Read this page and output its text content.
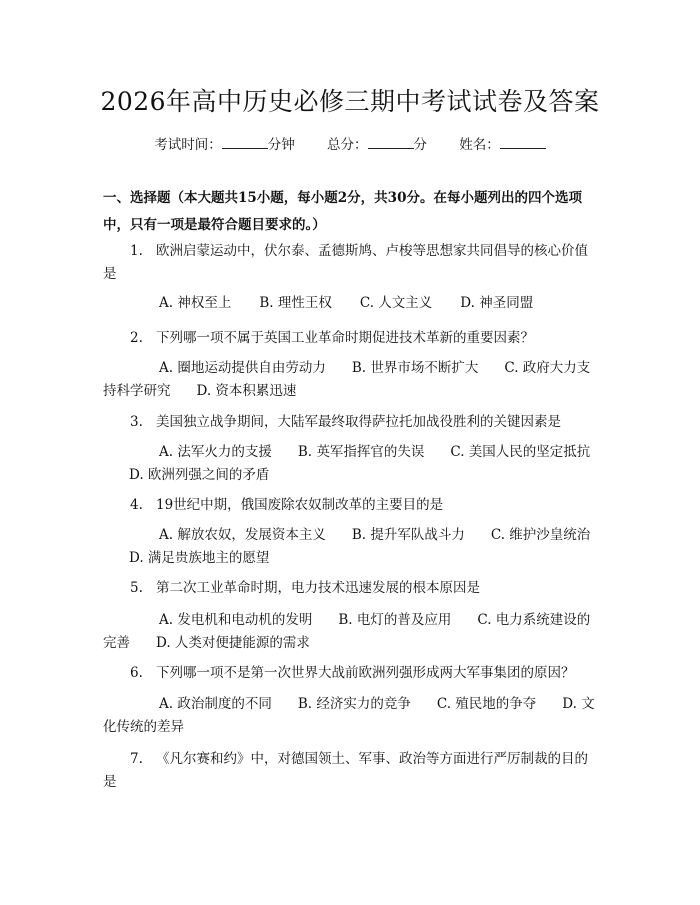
2026年高中历史必修三期中考试试卷及答案
考试时间：	分钟 总分：	分 姓名：
一、选择题（本大题共15小题，每小题2分，共30分。在每小题列出的四个选项中，只有一项是最符合题目要求的。）
1. 欧洲启蒙运动中，伏尔泰、孟德斯鸠、卢梭等思想家共同倡导的核心价值是
A. 神权至上 B. 理性王权 C. 人文主义 D. 神圣同盟
2. 下列哪一项不属于英国工业革命时期促进技术革新的重要因素？
A. 圈地运动提供自由劳动力 B. 世界市场不断扩大 C. 政府大力支持科学研究 D. 资本积累迅速
3. 美国独立战争期间，大陆军最终取得萨拉托加战役胜利的关键因素是
A. 法军火力的支援 B. 英军指挥官的失误 C. 美国人民的坚定抵抗D. 欧洲列强之间的矛盾
4. 19世纪中期，俄国废除农奴制改革的主要目的是
A. 解放农奴，发展资本主义 B. 提升军队战斗力 C. 维护沙皇统治D. 满足贵族地主的愿望
5. 第二次工业革命时期，电力技术迅速发展的根本原因是
A. 发电机和电动机的发明 B. 电灯的普及应用 C. 电力系统建设的完善 D. 人类对便捷能源的需求
6. 下列哪一项不是第一次世界大战前欧洲列强形成两大军事集团的原因？
A. 政治制度的不同 B. 经济实力的竞争 C. 殖民地的争夺 D. 文化传统的差异
7. 《凡尔赛和约》中，对德国领土、军事、政治等方面进行严厉制裁的目的是
